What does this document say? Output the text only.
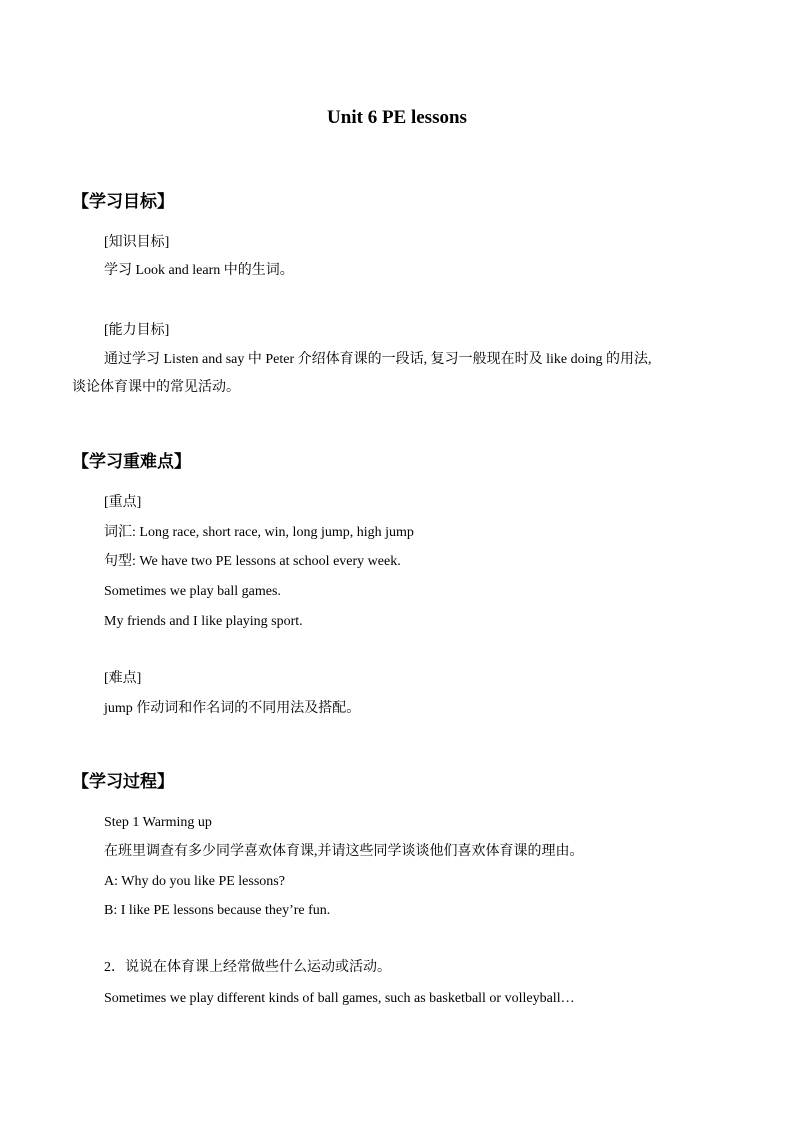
Unit 6 PE lessons
【学习目标】
[知识目标]
学习 Look and learn 中的生词。
[能力目标]
通过学习 Listen and say 中 Peter 介绍体育课的一段话, 复习一般现在时及 like doing 的用法,
谈论体育课中的常见活动。
【学习重难点】
[重点]
词汇: Long race, short race, win, long jump, high jump
句型: We have two PE lessons at school every week.
Sometimes we play ball games.
My friends and I like playing sport.
[难点]
jump 作动词和作名词的不同用法及搭配。
【学习过程】
Step 1 Warming up
在班里调查有多少同学喜欢体育课,并请这些同学谈谈他们喜欢体育课的理由。
A: Why do you like PE lessons?
B: I like PE lessons because they’re fun.
2．说说在体育课上经常做些什么运动或活动。
Sometimes we play different kinds of ball games, such as basketball or volleyball…
